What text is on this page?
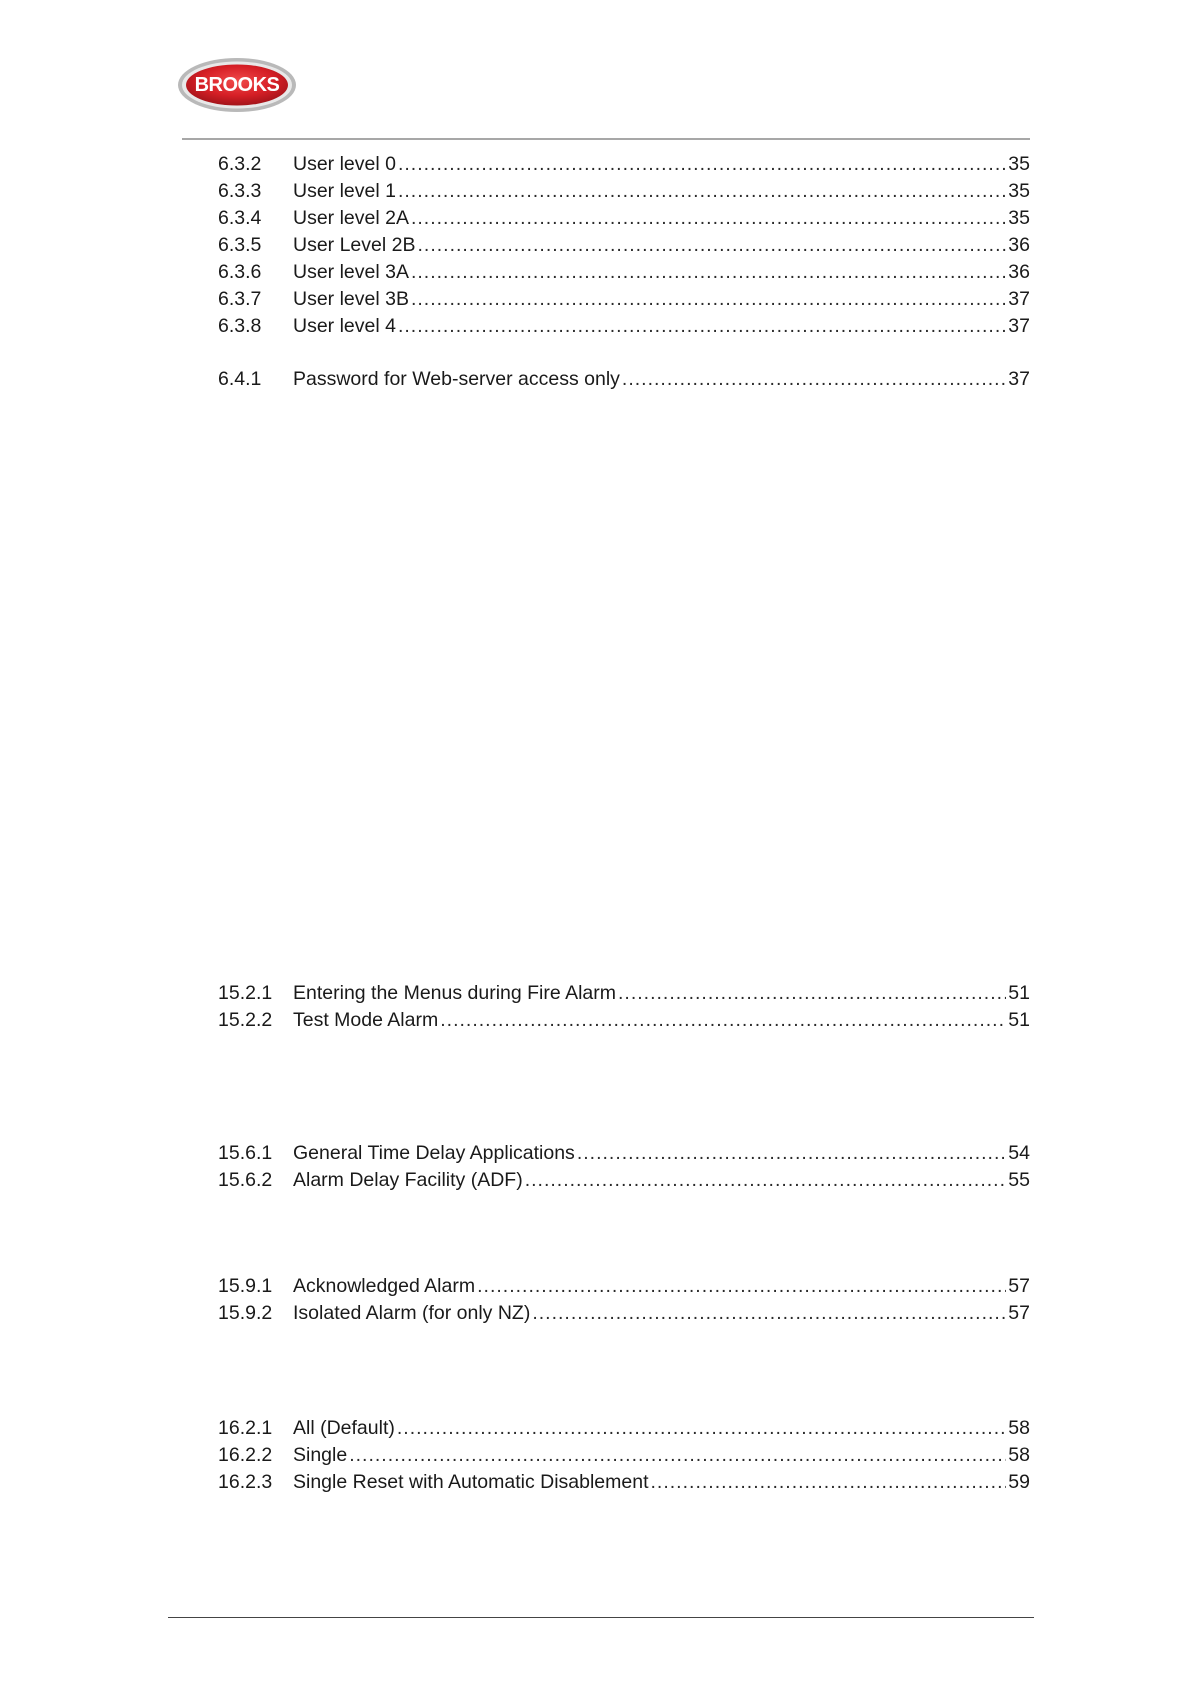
BROOKS
6.3.2	User level 0 .....	35
6.3.3	User level 1 .....	35
6.3.4	User level 2A .....	35
6.3.5	User Level 2B .....	36
6.3.6	User level 3A .....	36
6.3.7	User level 3B .....	37
6.3.8	User level 4 .....	37
6.4.1	Password for Web-server access only .....	37
15.2.1	Entering the Menus during Fire Alarm .....	51
15.2.2	Test Mode Alarm .....	51
15.6.1	General Time Delay Applications .....	54
15.6.2	Alarm Delay Facility (ADF) .....	55
15.9.1	Acknowledged Alarm .....	57
15.9.2	Isolated Alarm (for only NZ) .....	57
16.2.1	All (Default) .....	58
16.2.2	Single .....	58
16.2.3	Single Reset with Automatic Disablement .....	59
